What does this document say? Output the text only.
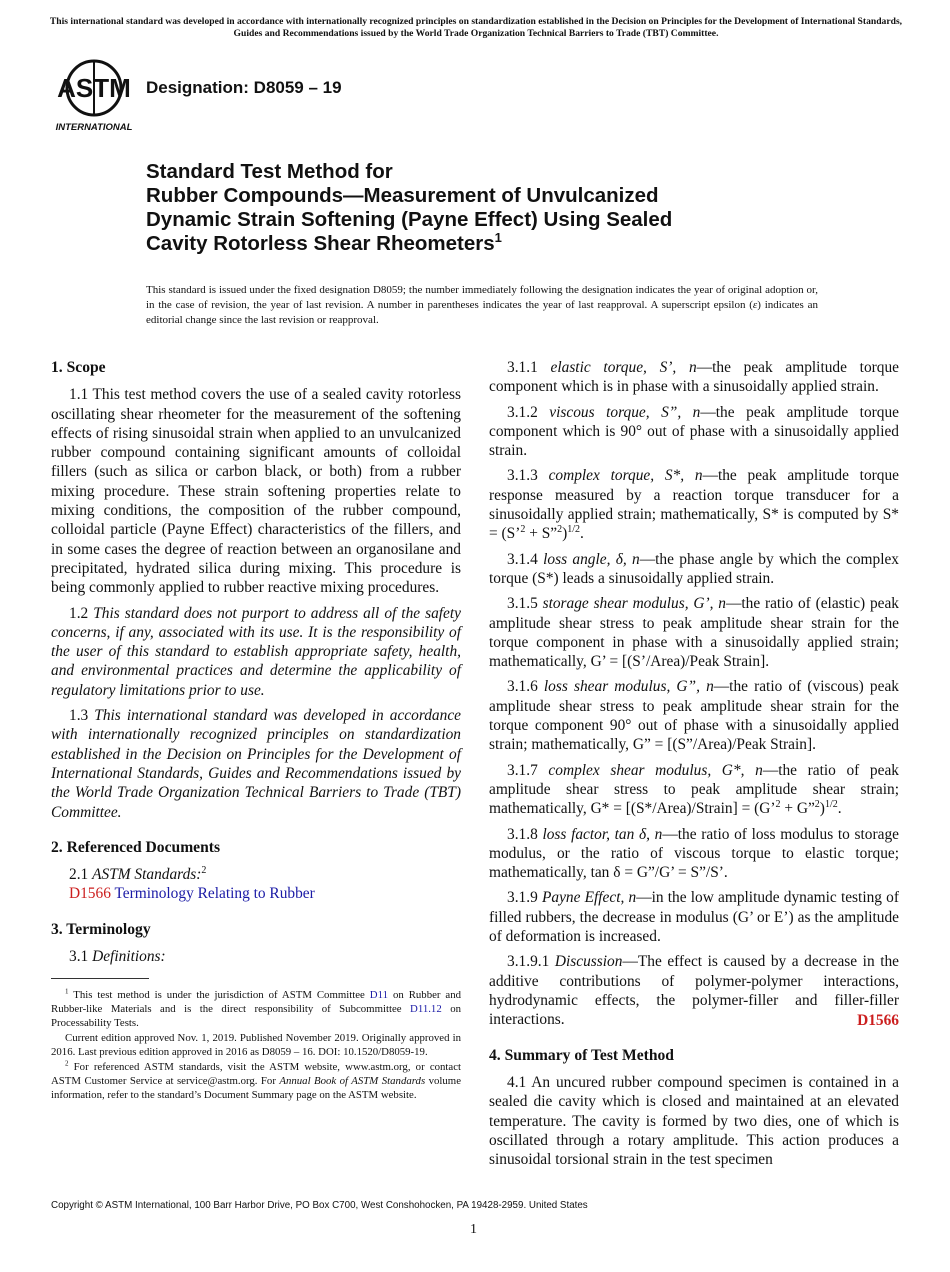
This international standard was developed in accordance with internationally recognized principles on standardization established in the Decision on Principles for the Development of International Standards, Guides and Recommendations issued by the World Trade Organization Technical Barriers to Trade (TBT) Committee.
ASTM
INTERNATIONAL
Designation: D8059 – 19
Standard Test Method for
Rubber Compounds—Measurement of Unvulcanized
Dynamic Strain Softening (Payne Effect) Using Sealed
Cavity Rotorless Shear Rheometers$^1$
This standard is issued under the fixed designation D8059; the number immediately following the designation indicates the year of original adoption or, in the case of revision, the year of last revision. A number in parentheses indicates the year of last reapproval. A superscript epsilon (ε) indicates an editorial change since the last revision or reapproval.
1. Scope

1.1 This test method covers the use of a sealed cavity rotorless oscillating shear rheometer for the measurement of the softening effects of rising sinusoidal strain when applied to an unvulcanized rubber compound containing significant amounts of colloidal fillers (such as silica or carbon black, or both) from a rubber mixing procedure. These strain softening properties relate to mixing conditions, the composition of the rubber compound, colloidal particle (Payne Effect) characteristics of the fillers, and in some cases the degree of reaction between an organosilane and precipitated, hydrated silica during mixing. This procedure is being commonly applied to rubber reactive mixing procedures.

1.2 This standard does not purport to address all of the safety concerns, if any, associated with its use. It is the responsibility of the user of this standard to establish appropriate safety, health, and environmental practices and determine the applicability of regulatory limitations prior to use.

1.3 This international standard was developed in accordance with internationally recognized principles on standardization established in the Decision on Principles for the Development of International Standards, Guides and Recommendations issued by the World Trade Organization Technical Barriers to Trade (TBT) Committee.

2. Referenced Documents

2.1 ASTM Standards:$^2$

D1566 Terminology Relating to Rubber

3. Terminology

3.1 Definitions:

$^1$ This test method is under the jurisdiction of ASTM Committee D11 on Rubber and Rubber-like Materials and is the direct responsibility of Subcommittee D11.12 on Processability Tests.

Current edition approved Nov. 1, 2019. Published November 2019. Originally approved in 2016. Last previous edition approved in 2016 as D8059 – 16. DOI: 10.1520/D8059-19.

$^2$ For referenced ASTM standards, visit the ASTM website, www.astm.org, or contact ASTM Customer Service at service@astm.org. For Annual Book of ASTM Standards volume information, refer to the standard’s Document Summary page on the ASTM website.

3.1.1 elastic torque, S’, n—the peak amplitude torque component which is in phase with a sinusoidally applied strain.

3.1.2 viscous torque, S”, n—the peak amplitude torque component which is 90° out of phase with a sinusoidally applied strain.

3.1.3 complex torque, S*, n—the peak amplitude torque response measured by a reaction torque transducer for a sinusoidally applied strain; mathematically, S* is computed by S* = (S’$^2$ + S”$^2$)$^{1/2}$.

3.1.4 loss angle, δ, n—the phase angle by which the complex torque (S*) leads a sinusoidally applied strain.

3.1.5 storage shear modulus, G’, n—the ratio of (elastic) peak amplitude shear stress to peak amplitude shear strain for the torque component in phase with a sinusoidally applied strain; mathematically, G’ = [(S’/Area)/Peak Strain].

3.1.6 loss shear modulus, G”, n—the ratio of (viscous) peak amplitude shear stress to peak amplitude shear strain for the torque component 90° out of phase with a sinusoidally applied strain; mathematically, G” = [(S”/Area)/Peak Strain].

3.1.7 complex shear modulus, G*, n—the ratio of peak amplitude shear stress to peak amplitude shear strain; mathematically, G* = [(S*/Area)/Strain] = (G’$^2$ + G”$^2$)$^{1/2}$.

3.1.8 loss factor, tan δ, n—the ratio of loss modulus to storage modulus, or the ratio of viscous torque to elastic torque; mathematically, tan δ = G”/G’ = S”/S’.

3.1.9 Payne Effect, n—in the low amplitude dynamic testing of filled rubbers, the decrease in modulus (G’ or E’) as the amplitude of deformation is increased.

3.1.9.1 Discussion—The effect is caused by a decrease in the additive contributions of polymer-polymer interactions, hydrodynamic effects, the polymer-filler and filler-filler interactions.	D1566
4. Summary of Test Method

4.1 An uncured rubber compound specimen is contained in a sealed die cavity which is closed and maintained at an elevated temperature. The cavity is formed by two dies, one of which is oscillated through a rotary amplitude. This action produces a sinusoidal torsional strain in the test specimen

Copyright © ASTM International, 100 Barr Harbor Drive, PO Box C700, West Conshohocken, PA 19428-2959. United States
1
